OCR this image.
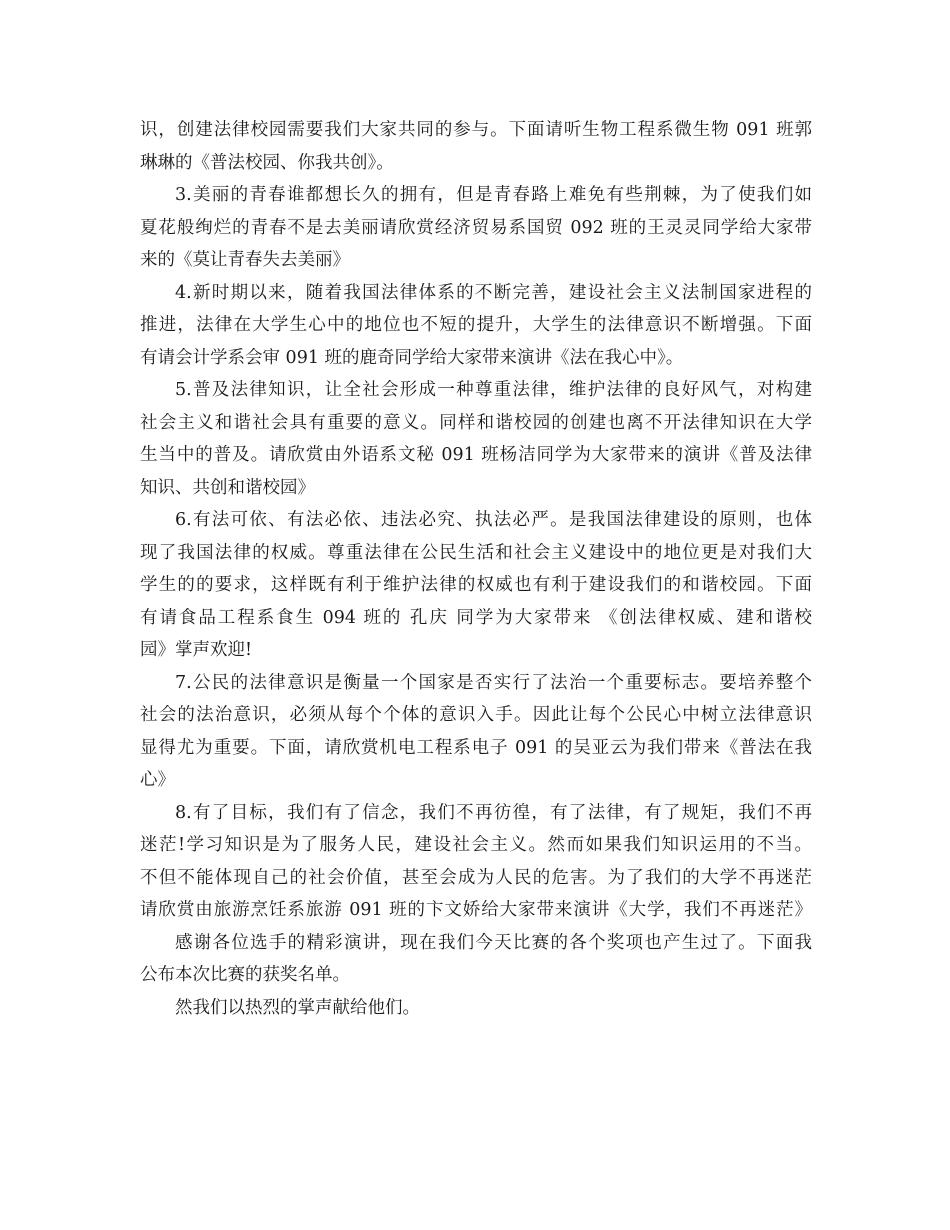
识，创建法律校园需要我们大家共同的参与。下面请听生物工程系微生物 091 班郭
琳琳的《普法校园、你我共创》。
3.美丽的青春谁都想长久的拥有，但是青春路上难免有些荆棘，为了使我们如
夏花般绚烂的青春不是去美丽请欣赏经济贸易系国贸 092 班的王灵灵同学给大家带
来的《莫让青春失去美丽》
4.新时期以来，随着我国法律体系的不断完善，建设社会主义法制国家进程的
推进，法律在大学生心中的地位也不短的提升，大学生的法律意识不断增强。下面
有请会计学系会审 091 班的鹿奇同学给大家带来演讲《法在我心中》。
5.普及法律知识，让全社会形成一种尊重法律，维护法律的良好风气，对构建
社会主义和谐社会具有重要的意义。同样和谐校园的创建也离不开法律知识在大学
生当中的普及。请欣赏由外语系文秘 091 班杨洁同学为大家带来的演讲《普及法律
知识、共创和谐校园》
6.有法可依、有法必依、违法必究、执法必严。是我国法律建设的原则，也体
现了我国法律的权威。尊重法律在公民生活和社会主义建设中的地位更是对我们大
学生的的要求，这样既有利于维护法律的权威也有利于建设我们的和谐校园。下面
有请食品工程系食生 094 班的 孔庆 同学为大家带来 《创法律权威、建和谐校
园》掌声欢迎!
7.公民的法律意识是衡量一个国家是否实行了法治一个重要标志。要培养整个
社会的法治意识，必须从每个个体的意识入手。因此让每个公民心中树立法律意识
显得尤为重要。下面，请欣赏机电工程系电子 091 的吴亚云为我们带来《普法在我
心》
8.有了目标，我们有了信念，我们不再彷徨，有了法律，有了规矩，我们不再
迷茫!学习知识是为了服务人民，建设社会主义。然而如果我们知识运用的不当。
不但不能体现自己的社会价值，甚至会成为人民的危害。为了我们的大学不再迷茫
请欣赏由旅游烹饪系旅游 091 班的卞文娇给大家带来演讲《大学，我们不再迷茫》
感谢各位选手的精彩演讲，现在我们今天比赛的各个奖项也产生过了。下面我
公布本次比赛的获奖名单。
然我们以热烈的掌声献给他们。
